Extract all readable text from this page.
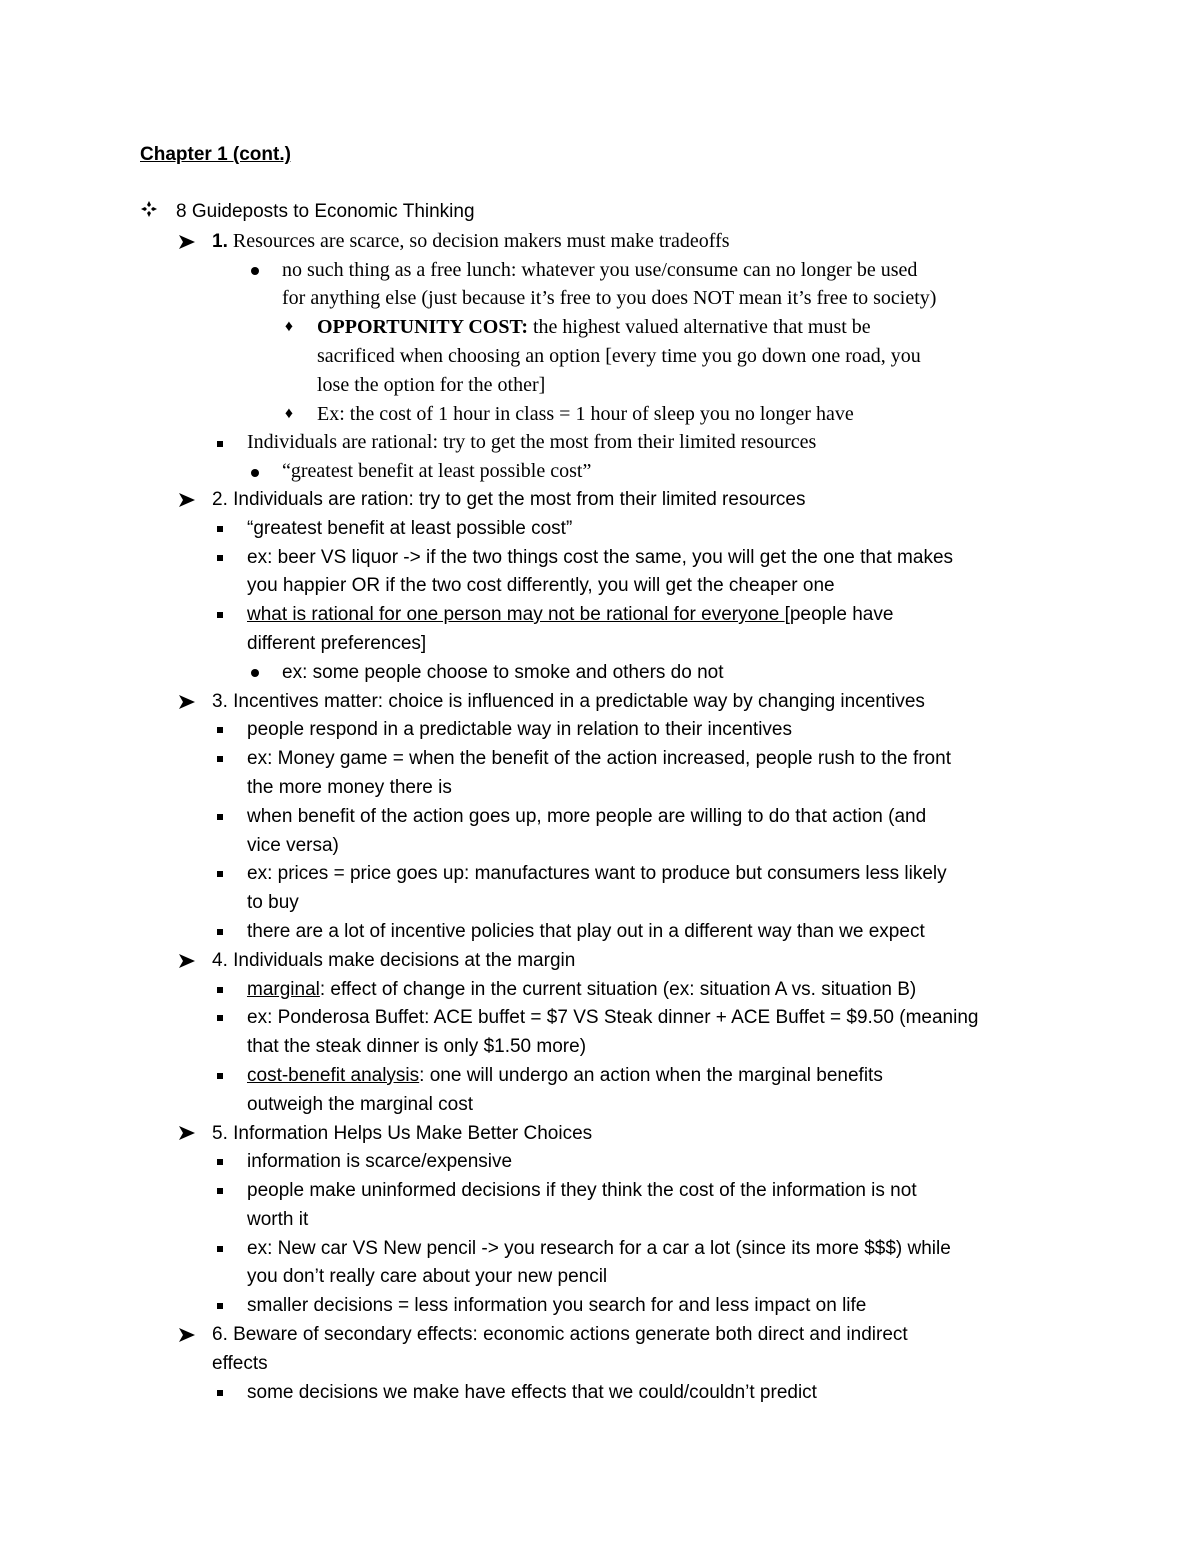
Chapter 1 (cont.)
8 Guideposts to Economic Thinking
1. Resources are scarce, so decision makers must make tradeoffs
no such thing as a free lunch: whatever you use/consume can no longer be used
for anything else (just because it’s free to you does NOT mean it’s free to society)
♦ OPPORTUNITY COST: the highest valued alternative that must be
sacrificed when choosing an option [every time you go down one road, you
lose the option for the other]
♦ Ex: the cost of 1 hour in class = 1 hour of sleep you no longer have
Individuals are rational: try to get the most from their limited resources
“greatest benefit at least possible cost”
2. Individuals are ration: try to get the most from their limited resources
“greatest benefit at least possible cost”
ex: beer VS liquor -> if the two things cost the same, you will get the one that makes
you happier OR if the two cost differently, you will get the cheaper one
what is rational for one person may not be rational for everyone [people have
different preferences]
ex: some people choose to smoke and others do not
3. Incentives matter: choice is influenced in a predictable way by changing incentives
people respond in a predictable way in relation to their incentives
ex: Money game = when the benefit of the action increased, people rush to the front
the more money there is
when benefit of the action goes up, more people are willing to do that action (and
vice versa)
ex: prices = price goes up: manufactures want to produce but consumers less likely
to buy
there are a lot of incentive policies that play out in a different way than we expect
4. Individuals make decisions at the margin
marginal: effect of change in the current situation (ex: situation A vs. situation B)
ex: Ponderosa Buffet: ACE buffet = $7 VS Steak dinner + ACE Buffet = $9.50 (meaning
that the steak dinner is only $1.50 more)
cost-benefit analysis: one will undergo an action when the marginal benefits
outweigh the marginal cost
5. Information Helps Us Make Better Choices
information is scarce/expensive
people make uninformed decisions if they think the cost of the information is not
worth it
ex: New car VS New pencil -> you research for a car a lot (since its more $$$) while
you don’t really care about your new pencil
smaller decisions = less information you search for and less impact on life
6. Beware of secondary effects: economic actions generate both direct and indirect
effects
some decisions we make have effects that we could/couldn’t predict
